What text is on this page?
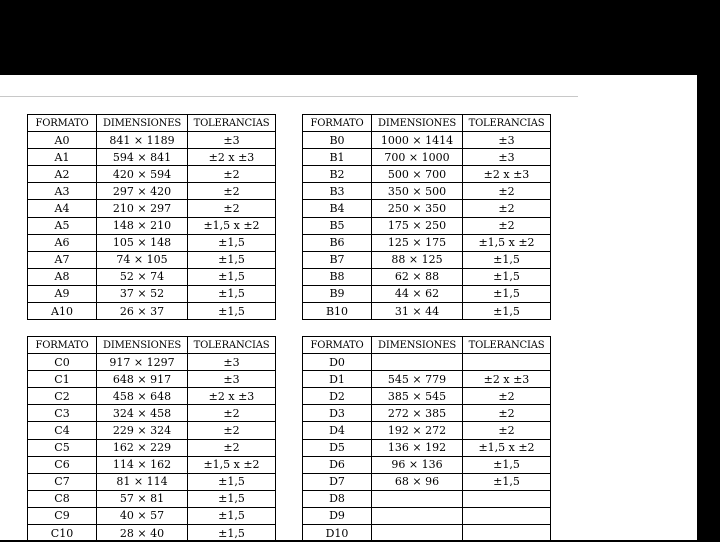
FORMATO	DIMENSIONES	TOLERANCIAS
A0	841 × 1189	±3
A1	594 × 841	±2 x ±3
A2	420 × 594	±2
A3	297 × 420	±2
A4	210 × 297	±2
A5	148 × 210	±1,5 x ±2
A6	105 × 148	±1,5
A7	74 × 105	±1,5
A8	52 × 74	±1,5
A9	37 × 52	±1,5
A10	26 × 37	±1,5
FORMATO	DIMENSIONES	TOLERANCIAS
B0	1000 × 1414	±3
B1	700 × 1000	±3
B2	500 × 700	±2 x ±3
B3	350 × 500	±2
B4	250 × 350	±2
B5	175 × 250	±2
B6	125 × 175	±1,5 x ±2
B7	88 × 125	±1,5
B8	62 × 88	±1,5
B9	44 × 62	±1,5
B10	31 × 44	±1,5
FORMATO	DIMENSIONES	TOLERANCIAS
C0	917 × 1297	±3
C1	648 × 917	±3
C2	458 × 648	±2 x ±3
C3	324 × 458	±2
C4	229 × 324	±2
C5	162 × 229	±2
C6	114 × 162	±1,5 x ±2
C7	81 × 114	±1,5
C8	57 × 81	±1,5
C9	40 × 57	±1,5
C10	28 × 40	±1,5
FORMATO	DIMENSIONES	TOLERANCIAS
D0		
D1	545 × 779	±2 x ±3
D2	385 × 545	±2
D3	272 × 385	±2
D4	192 × 272	±2
D5	136 × 192	±1,5 x ±2
D6	96 × 136	±1,5
D7	68 × 96	±1,5
D8		
D9		
D10		
